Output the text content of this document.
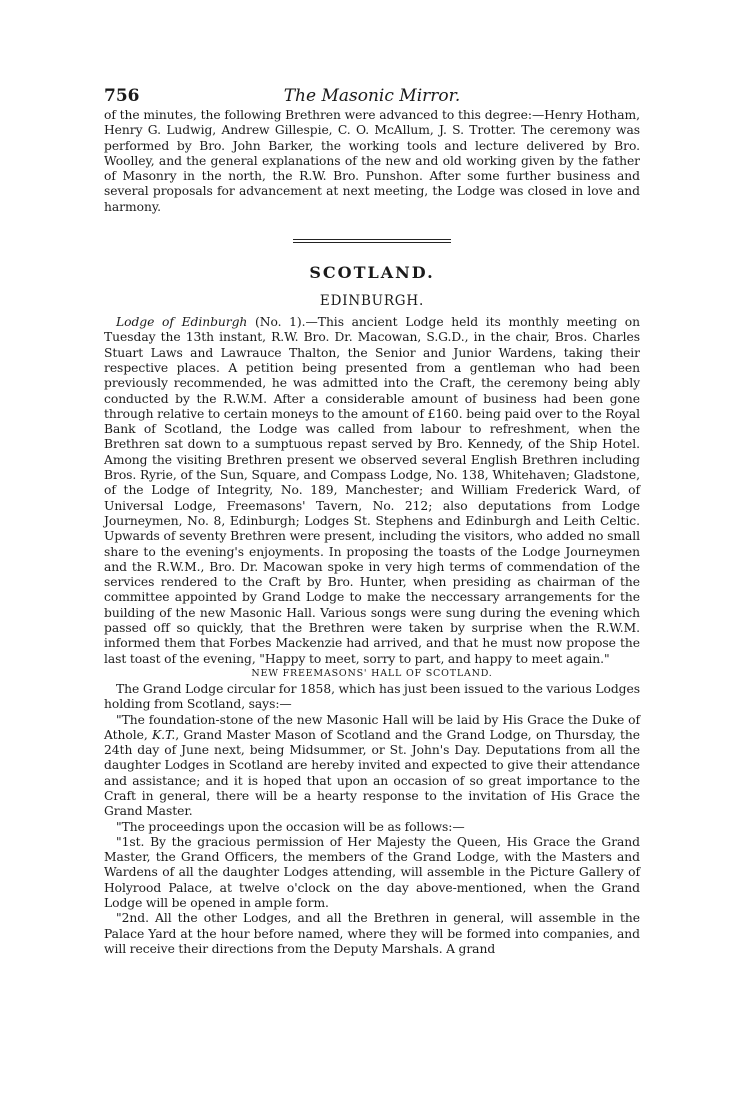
756	The Masonic Mirror.

of the minutes, the following Brethren were advanced to this degree:—Henry Hotham, Henry G. Ludwig, Andrew Gillespie, C. O. McAllum, J. S. Trotter. The ceremony was performed by Bro. John Barker, the working tools and lecture delivered by Bro. Woolley, and the general explanations of the new and old working given by the father of Masonry in the north, the R.W. Bro. Punshon. After some further business and several proposals for advancement at next meeting, the Lodge was closed in love and harmony.

SCOTLAND.
EDINBURGH.

Lodge of Edinburgh (No. 1).—This ancient Lodge held its monthly meeting on Tuesday the 13th instant, R.W. Bro. Dr. Macowan, S.G.D., in the chair, Bros. Charles Stuart Laws and Lawrauce Thalton, the Senior and Junior Wardens, taking their respective places. A petition being presented from a gentleman who had been previously recommended, he was admitted into the Craft, the ceremony being ably conducted by the R.W.M. After a considerable amount of business had been gone through relative to certain moneys to the amount of £160. being paid over to the Royal Bank of Scotland, the Lodge was called from labour to refreshment, when the Brethren sat down to a sumptuous repast served by Bro. Kennedy, of the Ship Hotel. Among the visiting Brethren present we observed several English Brethren including Bros. Ryrie, of the Sun, Square, and Compass Lodge, No. 138, Whitehaven; Gladstone, of the Lodge of Integrity, No. 189, Manchester; and William Frederick Ward, of Universal Lodge, Freemasons' Tavern, No. 212; also deputations from Lodge Journeymen, No. 8, Edinburgh; Lodges St. Stephens and Edinburgh and Leith Celtic. Upwards of seventy Brethren were present, including the visitors, who added no small share to the evening's enjoyments. In proposing the toasts of the Lodge Journeymen and the R.W.M., Bro. Dr. Macowan spoke in very high terms of commendation of the services rendered to the Craft by Bro. Hunter, when presiding as chairman of the committee appointed by Grand Lodge to make the neccessary arrangements for the building of the new Masonic Hall. Various songs were sung during the evening which passed off so quickly, that the Brethren were taken by surprise when the R.W.M. informed them that Forbes Mackenzie had arrived, and that he must now propose the last toast of the evening, "Happy to meet, sorry to part, and happy to meet again."

NEW FREEMASONS' HALL OF SCOTLAND.

The Grand Lodge circular for 1858, which has just been issued to the various Lodges holding from Scotland, says:—

"The foundation-stone of the new Masonic Hall will be laid by His Grace the Duke of Athole, K.T., Grand Master Mason of Scotland and the Grand Lodge, on Thursday, the 24th day of June next, being Midsummer, or St. John's Day. Deputations from all the daughter Lodges in Scotland are hereby invited and expected to give their attendance and assistance; and it is hoped that upon an occasion of so great importance to the Craft in general, there will be a hearty response to the invitation of His Grace the Grand Master.

"The proceedings upon the occasion will be as follows:—

"1st. By the gracious permission of Her Majesty the Queen, His Grace the Grand Master, the Grand Officers, the members of the Grand Lodge, with the Masters and Wardens of all the daughter Lodges attending, will assemble in the Picture Gallery of Holyrood Palace, at twelve o'clock on the day above-mentioned, when the Grand Lodge will be opened in ample form.

"2nd. All the other Lodges, and all the Brethren in general, will assemble in the Palace Yard at the hour before named, where they will be formed into companies, and will receive their directions from the Deputy Marshals. A grand
